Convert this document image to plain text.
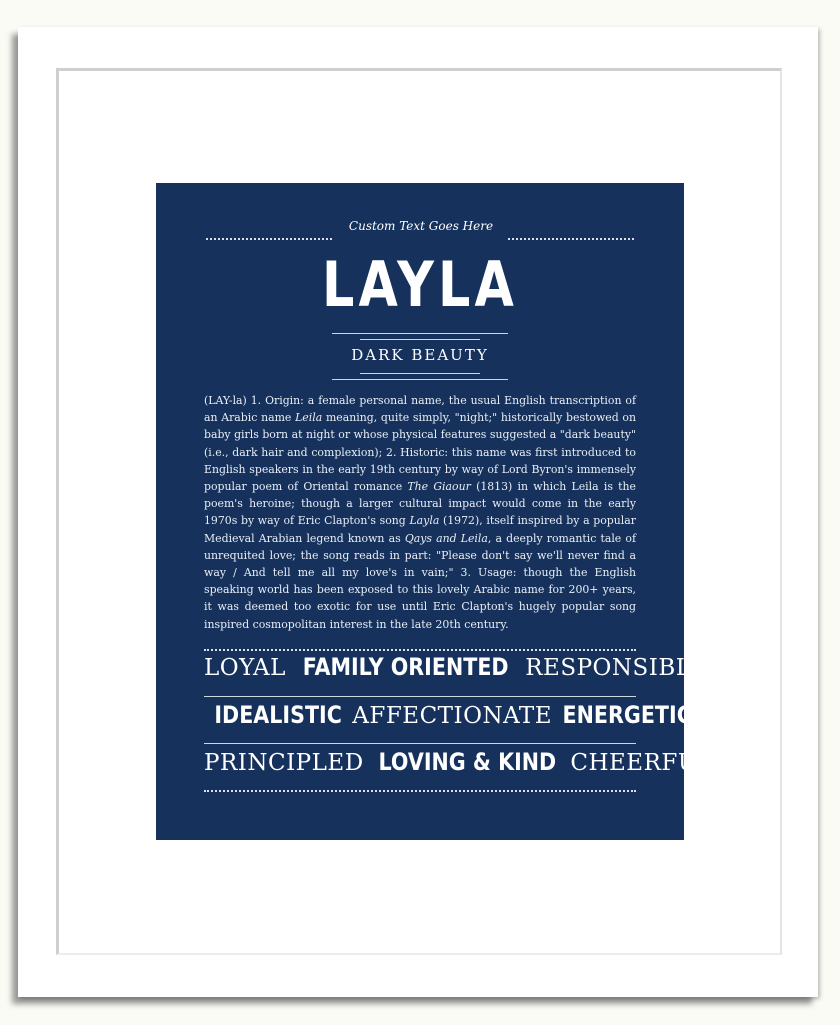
Custom Text Goes Here
LAYLA
DARK BEAUTY
(LAY-la) 1. Origin: a female personal name, the usual English transcription of an Arabic name Leila meaning, quite simply, "night;" historically bestowed on baby girls born at night or whose physical features suggested a "dark beauty" (i.e., dark hair and complexion); 2. Historic: this name was first introduced to English speakers in the early 19th century by way of Lord Byron's immensely popular poem of Oriental romance The Giaour (1813) in which Leila is the poem's heroine; though a larger cultural impact would come in the early 1970s by way of Eric Clapton's song Layla (1972), itself inspired by a popular Medieval Arabian legend known as Qays and Leila, a deeply romantic tale of unrequited love; the song reads in part: "Please don't say we'll never find a way / And tell me all my love's in vain;" 3. Usage: though the English speaking world has been exposed to this lovely Arabic name for 200+ years, it was deemed too exotic for use until Eric Clapton's hugely popular song inspired cosmopolitan interest in the late 20th century.
LOYAL FAMILY ORIENTED RESPONSIBLE
IDEALISTIC AFFECTIONATE ENERGETIC
PRINCIPLED LOVING & KIND CHEERFUL
